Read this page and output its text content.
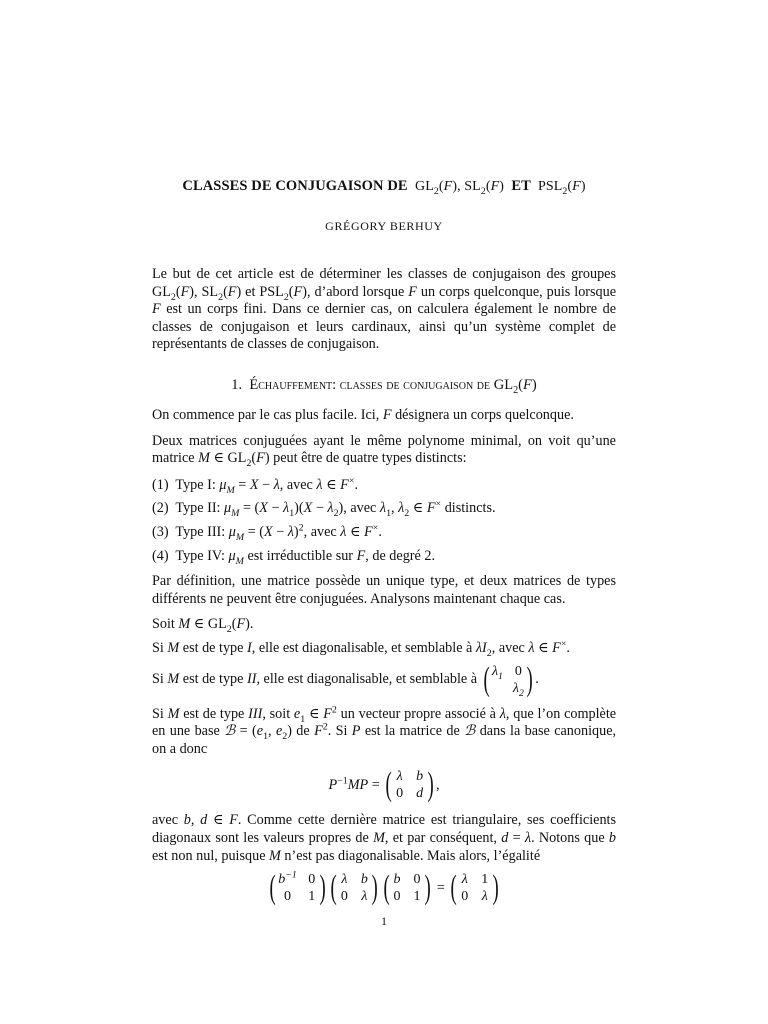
CLASSES DE CONJUGAISON DE  $GL_2(F)$, $SL_2(F)$  ET $PSL_2(F)$
GRÉGORY BERHUY
Le but de cet article est de déterminer les classes de conjugaison des groupes $GL_2(F)$, $SL_2(F)$ et $PSL_2(F)$, d’abord lorsque F un corps quelconque, puis lorsque F est un corps fini. Dans ce dernier cas, on calculera également le nombre de classes de conjugaison et leurs cardinaux, ainsi qu’un système complet de représentants de classes de conjugaison.
1. Échauffement: classes de conjugaison de $GL_2(F)$

On commence par le cas plus facile. Ici, F désignera un corps quelconque.

Deux matrices conjuguées ayant le même polynome minimal, on voit qu’une matrice M ∈ $GL_2(F)$ peut être de quatre types distincts:

(1) Type I: $\mu_M = X - \lambda$, avec λ ∈ F×.
(2) Type II: $\mu_M = (X - \lambda_1)(X - \lambda_2)$, avec $\lambda_1$, $\lambda_2$ ∈ F× distincts.
(3) Type III: $\mu_M = (X - \lambda)^2$, avec λ ∈ F×.
(4) Type IV: $\mu_M$ est irréductible sur F, de degré 2.

Par définition, une matrice possède un unique type, et deux matrices de types différents ne peuvent être conjuguées. Analysons maintenant chaque cas.

Soit M ∈ $GL_2(F)$.

Si M est de type I, elle est diagonalisable, et semblable à $\lambda I_2$, avec λ ∈ F×.

Si M est de type II, elle est diagonalisable, et semblable à ( $\lambda_1$ 0
$\lambda_2$ ) .

Si M est de type III, soit $e_1$ ∈ $F^2$ un vecteur propre associé à λ, que l’on complète en une base ℬ = ($e_1$, $e_2$) de $F^2$. Si P est la matrice de ℬ dans la base canonique, on a donc

$P^{-1}MP$ = ( λ b
0 d ) ,

avec b, d ∈ F. Comme cette dernière matrice est triangulaire, ses coefficients diagonaux sont les valeurs propres de M, et par conséquent, d = λ. Notons que b est non nul, puisque M n’est pas diagonalisable. Mais alors, l’égalité

( $b^{-1}$ 0
0	1 ) ( λ b
0 λ ) ( b 0
0 1 ) = ( λ 1
0 λ )
1
